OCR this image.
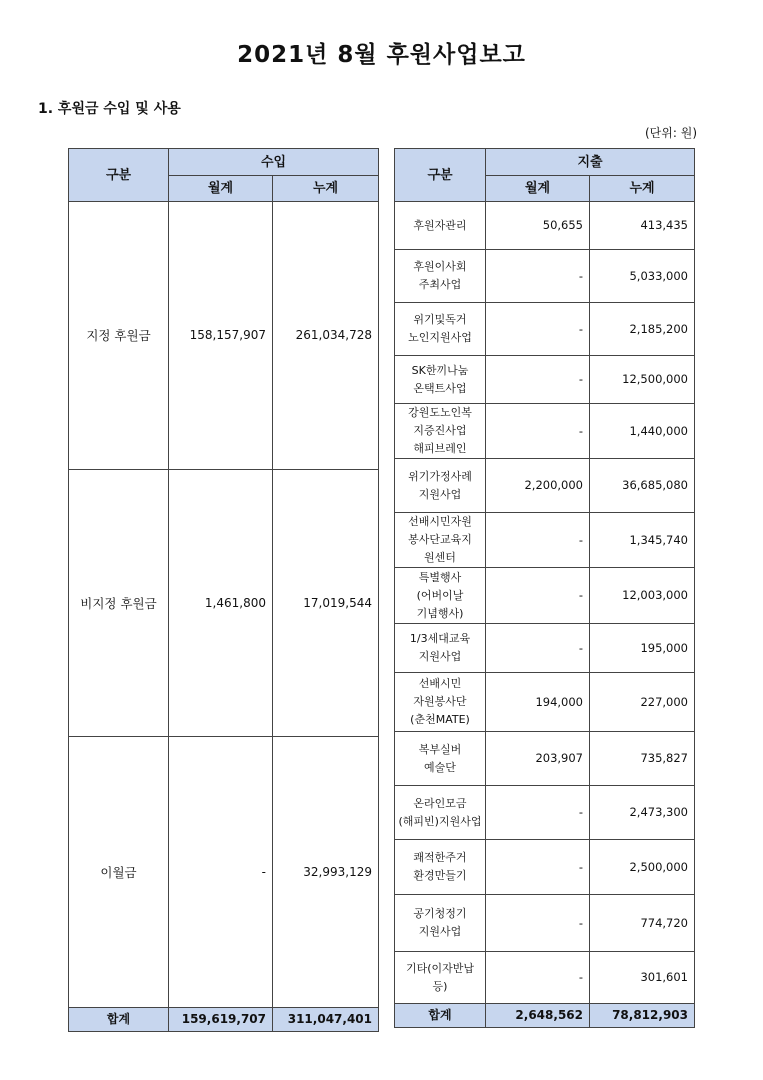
2021년 8월 후원사업보고
1. 후원금 수입 및 사용
(단위: 원)
구분	수입	
	월계	누계
지정 후원금	158,157,907	261,034,728
비지정 후원금	1,461,800	17,019,544
이월금	-	32,993,129
합계	159,619,707	311,047,401
구분	지출	
	월계	누계

후원자관리	50,655	413,435

후원이사회
주최사업	-	5,033,000

위기및독거
노인지원사업	-	2,185,200

SK한끼나눔
온택트사업	-	12,500,000

강원도노인복
지증진사업
해피브레인	-	1,440,000

위기가정사례
지원사업	2,200,000	36,685,080

선배시민자원
봉사단교육지
원센터	-	1,345,740

특별행사
(어버이날
기념행사)	-	12,003,000

1/3세대교육
지원사업	-	195,000

선배시민
자원봉사단
(춘천MATE)	194,000	227,000

복부실버
예술단	203,907	735,827

온라인모금
(해피빈)지원사업	-	2,473,300

쾌적한주거
환경만들기	-	2,500,000

공기청정기
지원사업	-	774,720

기타(이자반납 등)	-	301,601
합계	2,648,562	78,812,903
